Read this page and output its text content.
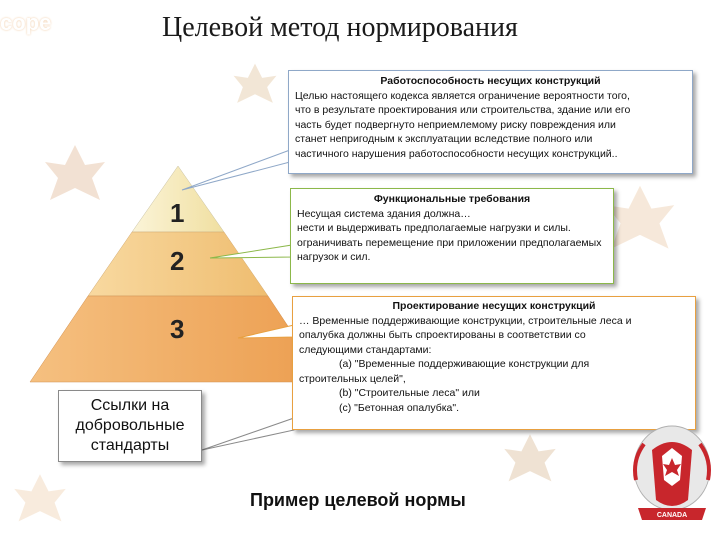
cope	Целевой метод нормирования
1
2
3
Работоспособность несущих конструкций
Целью настоящего кодекса является ограничение вероятности того,
что в результате проектирования или строительства, здание или его
часть будет подвергнуто неприемлемому риску повреждения или
станет непригодным к эксплуатации вследствие полного или
частичного нарушения работоспособности несущих конструкций..
Функциональные требования
Несущая система здания должна…
нести и выдерживать предполагаемые нагрузки и силы.
ограничивать перемещение при приложении предполагаемых
нагрузок и сил.
Проектирование несущих конструкций
… Временные поддерживающие конструкции, строительные леса и
опалубка должны быть спроектированы в соответствии со
следующими стандартами:
(a) "Временные поддерживающие конструкции для
строительных целей",
(b) "Строительные леса" или
(c) "Бетонная опалубка".
Ссылки на
добровольные
стандарты
Пример целевой нормы
CANADA
